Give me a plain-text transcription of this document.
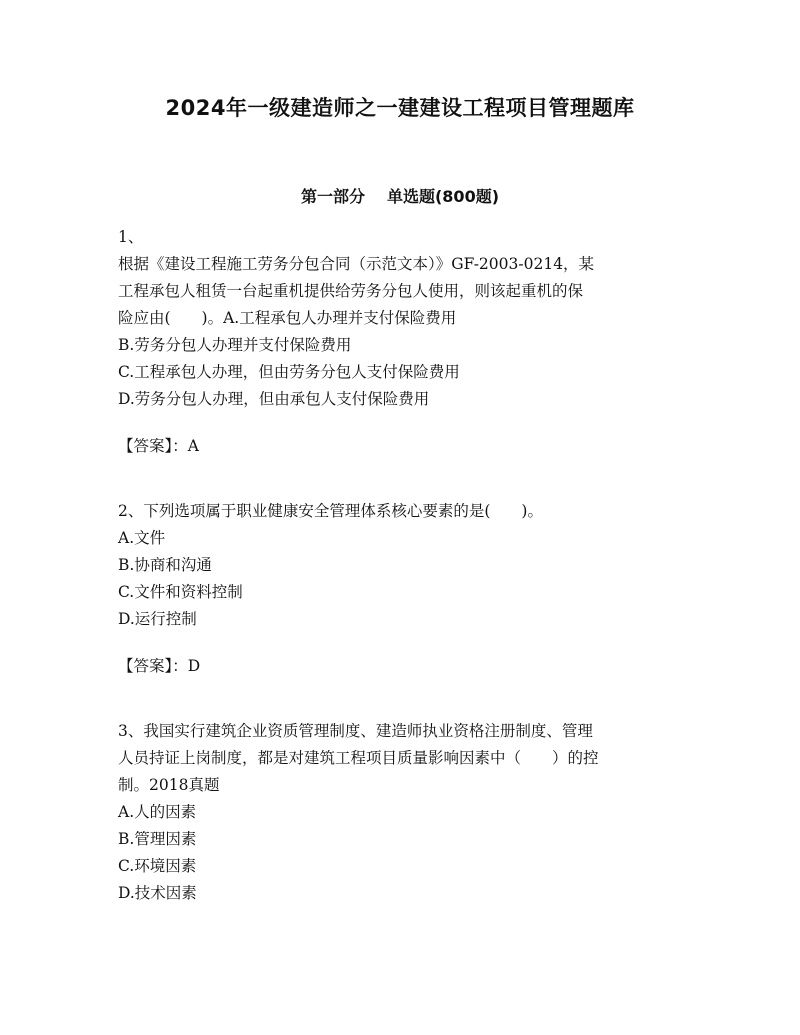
2024年一级建造师之一建建设工程项目管理题库
第一部分 单选题(800题)
1、
根据《建设工程施工劳务分包合同（示范文本）》GF-2003-0214，某
工程承包人租赁一台起重机提供给劳务分包人使用，则该起重机的保
险应由(　　)。A.工程承包人办理并支付保险费用
B.劳务分包人办理并支付保险费用
C.工程承包人办理，但由劳务分包人支付保险费用
D.劳务分包人办理，但由承包人支付保险费用
【答案】：A
2、下列选项属于职业健康安全管理体系核心要素的是(　　)。
A.文件
B.协商和沟通
C.文件和资料控制
D.运行控制
【答案】：D
3、我国实行建筑企业资质管理制度、建造师执业资格注册制度、管理
人员持证上岗制度，都是对建筑工程项目质量影响因素中（　　）的控
制。2018真题
A.人的因素
B.管理因素
C.环境因素
D.技术因素
